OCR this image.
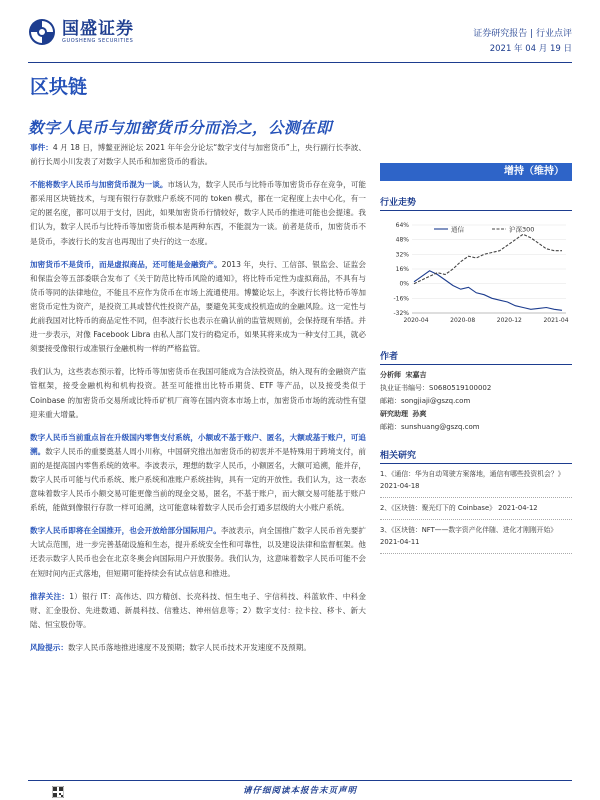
国盛证券
GUOSHENG SECURITIES
证券研究报告 | 行业点评
2021 年 04 月 19 日
区块链
数字人民币与加密货币分而治之，公测在即

事件：4 月 18 日，博鳌亚洲论坛 2021 年年会分论坛“数字支付与加密货币”上，央行副行长李波、前行长周小川发表了对数字人民币和加密货币的看法。

不能将数字人民币与加密货币混为一谈。市场认为，数字人民币与比特币等加密货币存在竞争，可能都采用区块链技术，与现有银行存款账户系统不同的 token 模式，都在一定程度上去中心化，有一定的匿名度，都可以用于支付，因此，如果加密货币行情较好，数字人民币的推进可能也会提速。我们认为，数字人民币与比特币等加密货币根本是两种东西，不能混为一谈。前者是货币，加密货币不是货币，李波行长的发言也再现出了央行的这一态度。

加密货币不是货币，而是虚拟商品，还可能是金融资产。2013 年，央行、工信部、银监会、证监会和保监会等五部委联合发布了《关于防范比特币风险的通知》，将比特币定性为虚拟商品，不具有与货币等同的法律地位，不能且不应作为货币在市场上流通使用。博鳌论坛上，李波行长将比特币等加密货币定性为资产，是投资工具或替代性投资产品，要避免其变成投机造成的金融风险。这一定性与此前我国对比特币的商品定性不同，但李波行长也表示在确认前的监管规则前，会保持现有举措。并进一步表示，对像 Facebook Libra 由私人部门发行的稳定币，如果其将来成为一种支付工具，就必须要接受像银行或准银行金融机构一样的严格监管。

我们认为，这些表态预示着，比特币等加密货币在我国可能成为合法投资品，纳入现有的金融资产监管框架，接受金融机构和机构投资。甚至可能推出比特币期货、ETF 等产品，以及接受类似于 Coinbase 的加密货币交易所或比特币矿机厂商等在国内资本市场上市，加密货币市场的流动性有望迎来重大增量。

数字人民币当前重点旨在升级国内零售支付系统，小额或不基于账户、匿名，大额或基于账户，可追溯。数字人民币的重要奠基人周小川称，中国研究推出加密货币的初衷并不是特殊用于跨境支付，前面的是提高国内零售系统的效率。李波表示，理想的数字人民币，小额匿名，大额可追溯，能并存，数字人民币可能与代币系统、账户系统和准账户系统挂钩，具有一定的开放性。我们认为，这一表态意味着数字人民币小额交易可能更像当前的现金交易，匿名，不基于账户，而大额交易可能基于账户系统，能做到像银行存款一样可追溯，这可能意味着数字人民币会打通多层级的大小账户系统。

数字人民币即将在全国推开，也会开放给部分国际用户。李波表示，向全国推广数字人民币首先要扩大试点范围，进一步完善基础设施和生态，提升系统安全性和可靠性，以及建设法律和监督框架。他还表示数字人民币也会在北京冬奥会向国际用户开放服务。我们认为，这意味着数字人民币可能不会在短时间内正式落地，但短期可能持续会有试点信息和推进。

推荐关注：1）银行 IT：高伟达、四方精创、长亮科技、恒生电子、宇信科技、科蓝软件、中科金财、汇金股份、先进数通、新晨科技、信雅达、神州信息等；2）数字支付：拉卡拉、移卡、新大陆、恒宝股份等。

风险提示：数字人民币落地推进速度不及预期；数字人民币技术开发速度不及预期。

增持（维持）
行业走势
64%
48%
32%
16%
0%
-16%
-32%
2020-04	2020-08	2020-12	2021-04
通信	沪深300
作者
分析师 宋嘉吉
执业证书编号：S0680519100002
邮箱：songjiaji@gszq.com
研究助理 孙爽
邮箱：sunshuang@gszq.com
相关研究
1、《通信：华为自动驾驶方案落地，通信有哪些投资机会？》
2021-04-18
2、《区块链：聚光灯下的 Coinbase》 2021-04-12
3、《区块链：NFT——数字资产化伴随、进化才刚刚开始》
2021-04-11
请仔细阅读本报告末页声明
